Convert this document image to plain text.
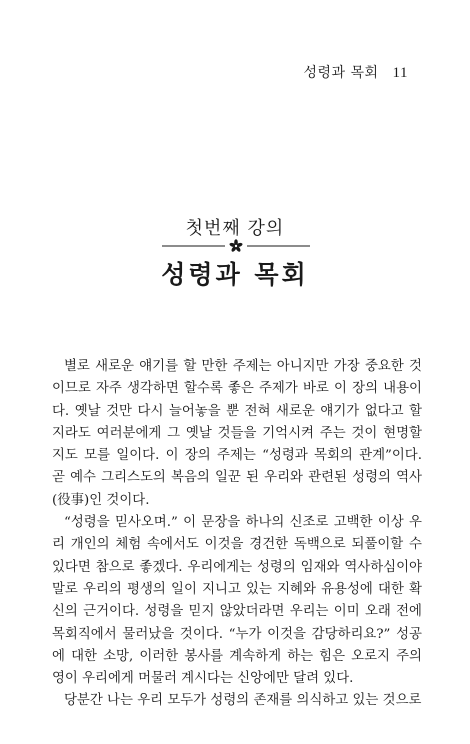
성령과 목회 11
첫번째 강의
성령과 목회

별로 새로운 얘기를 할 만한 주제는 아니지만 가장 중요한 것이므로 자주 생각하면 할수록 좋은 주제가 바로 이 장의 내용이다. 옛날 것만 다시 늘어놓을 뿐 전혀 새로운 얘기가 없다고 할지라도 여러분에게 그 옛날 것들을 기억시켜 주는 것이 현명할지도 모를 일이다. 이 장의 주제는 “성령과 목회의 관계”이다. 곧 예수 그리스도의 복음의 일꾼 된 우리와 관련된 성령의 역사(役事)인 것이다.

“성령을 믿사오며.” 이 문장을 하나의 신조로 고백한 이상 우리 개인의 체험 속에서도 이것을 경건한 독백으로 되풀이할 수 있다면 참으로 좋겠다. 우리에게는 성령의 임재와 역사하심이야말로 우리의 평생의 일이 지니고 있는 지혜와 유용성에 대한 확신의 근거이다. 성령을 믿지 않았더라면 우리는 이미 오래 전에 목회직에서 물러났을 것이다. “누가 이것을 감당하리요?” 성공에 대한 소망, 이러한 봉사를 계속하게 하는 힘은 오로지 주의 영이 우리에게 머물러 계시다는 신앙에만 달려 있다.

당분간 나는 우리 모두가 성령의 존재를 의식하고 있는 것으로
